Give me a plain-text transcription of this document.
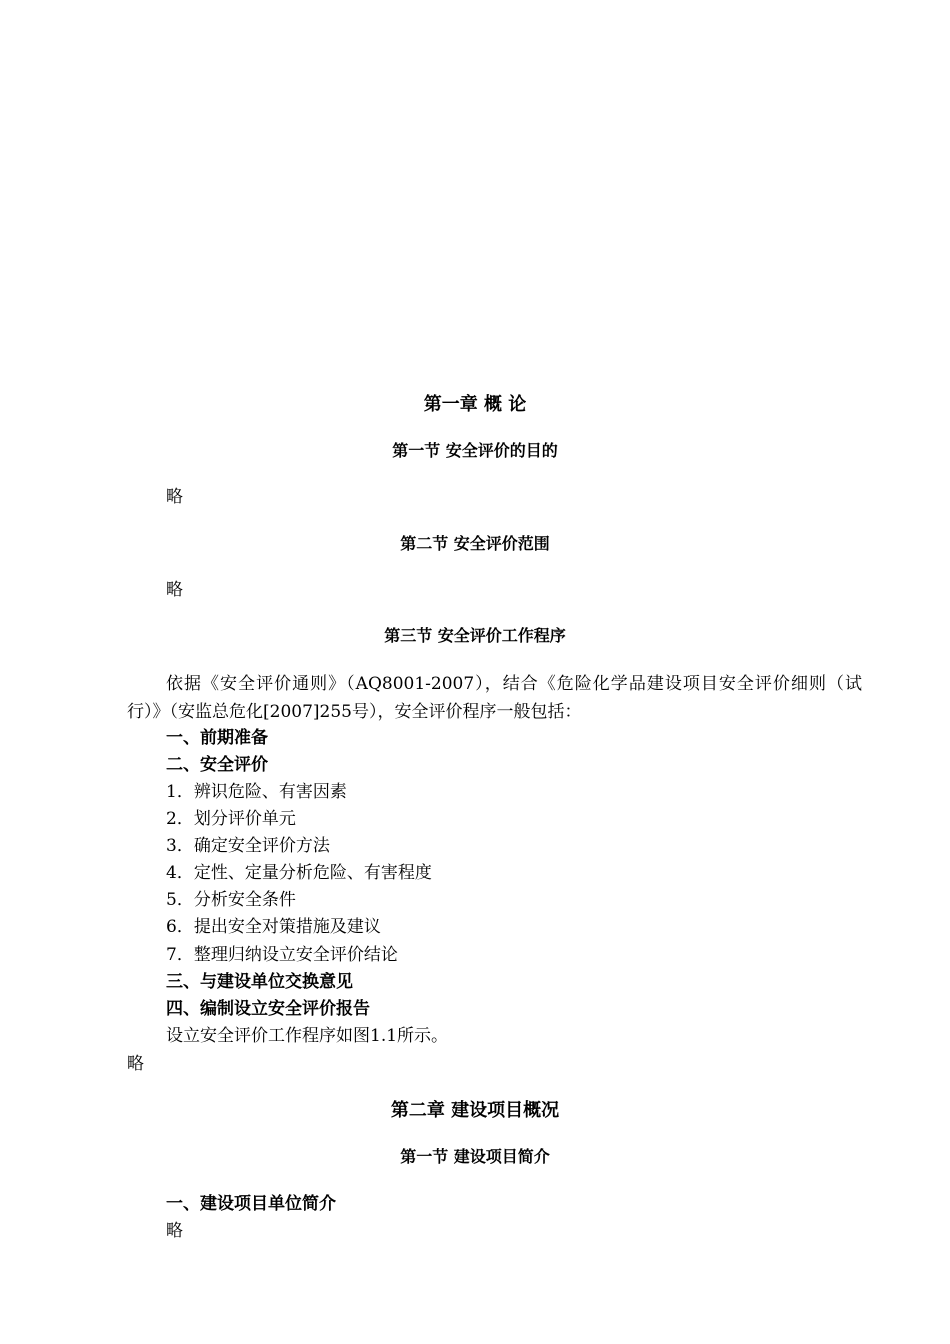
第一章 概 论
第一节 安全评价的目的
略
第二节 安全评价范围
略
第三节 安全评价工作程序
依据《安全评价通则》（AQ8001-2007），结合《危险化学品建设项目安全评价细则（试行）》（安监总危化[2007]255号），安全评价程序一般包括：
一、前期准备
二、安全评价
1．辨识危险、有害因素
2．划分评价单元
3．确定安全评价方法
4．定性、定量分析危险、有害程度
5．分析安全条件
6．提出安全对策措施及建议
7．整理归纳设立安全评价结论
三、与建设单位交换意见
四、编制设立安全评价报告
设立安全评价工作程序如图1.1所示。
略
第二章 建设项目概况
第一节 建设项目简介
一、建设项目单位简介
略
